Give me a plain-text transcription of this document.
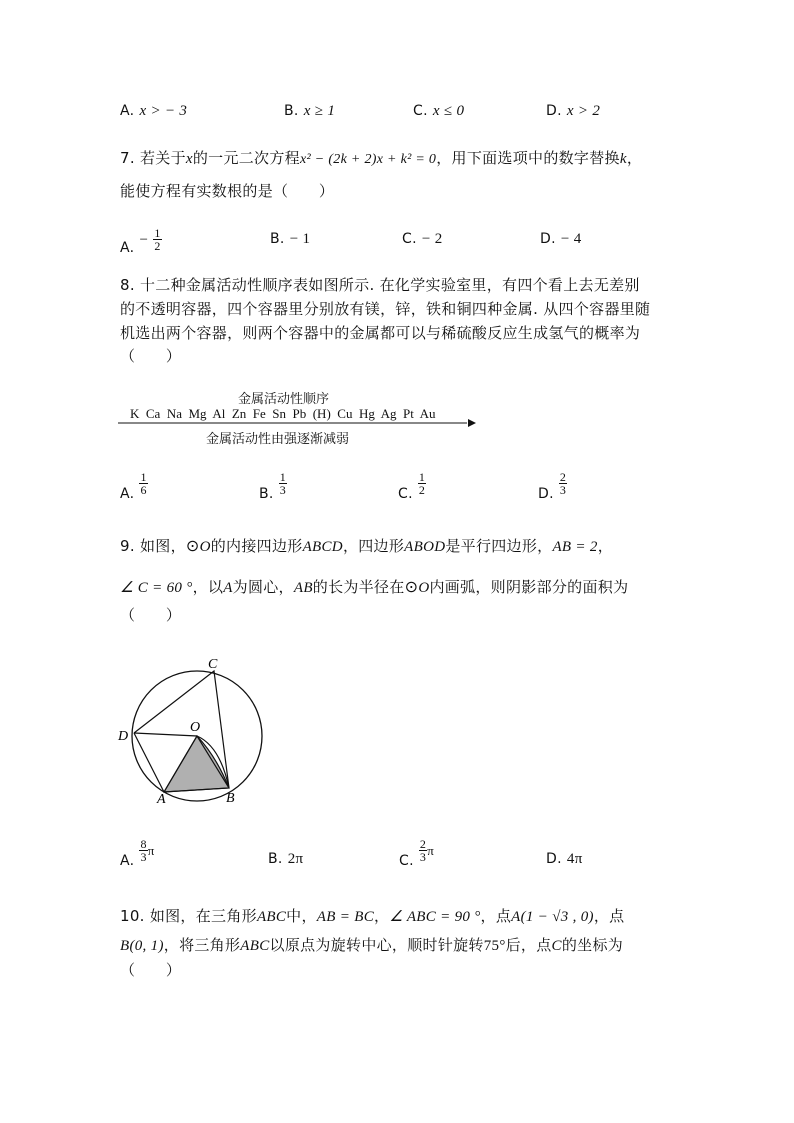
A. x > − 3	B. x ≥ 1	C. x ≤ 0	D. x > 2
7. 若关于x的一元二次方程x² − (2k + 2)x + k² = 0，用下面选项中的数字替换k，
能使方程有实数根的是（　　）
A. − $\frac{1}{2}$	B. − 1	C. − 2	D. − 4
8. 十二种金属活动性顺序表如图所示. 在化学实验室里，有四个看上去无差别
的不透明容器，四个容器里分别放有镁，锌，铁和铜四种金属. 从四个容器里随
机选出两个容器，则两个容器中的金属都可以与稀硫酸反应生成氢气的概率为
（　　）
金属活动性顺序
K  Ca  Na  Mg  Al  Zn  Fe  Sn  Pb  (H)  Cu  Hg  Ag  Pt  Au
金属活动性由强逐渐减弱
A. $\frac{1}{6}$	B. $\frac{1}{3}$	C. $\frac{1}{2}$	D. $\frac{2}{3}$
9. 如图，⊙O的内接四边形ABCD，四边形ABOD是平行四边形，AB = 2，
∠ C = 60 °，以A为圆心，AB的长为半径在⊙O内画弧，则阴影部分的面积为
（　　）
C
O
D
A	B
A. $\frac{8}{3}$ π
B. 2π	C. $\frac{2}{3}$ π
D. 4π
10. 如图，在三角形ABC中，AB = BC，∠ ABC = 90 °，点A(1 − √3 , 0)，点
B(0, 1)，将三角形ABC以原点为旋转中心，顺时针旋转75°后，点C的坐标为
（　　）
